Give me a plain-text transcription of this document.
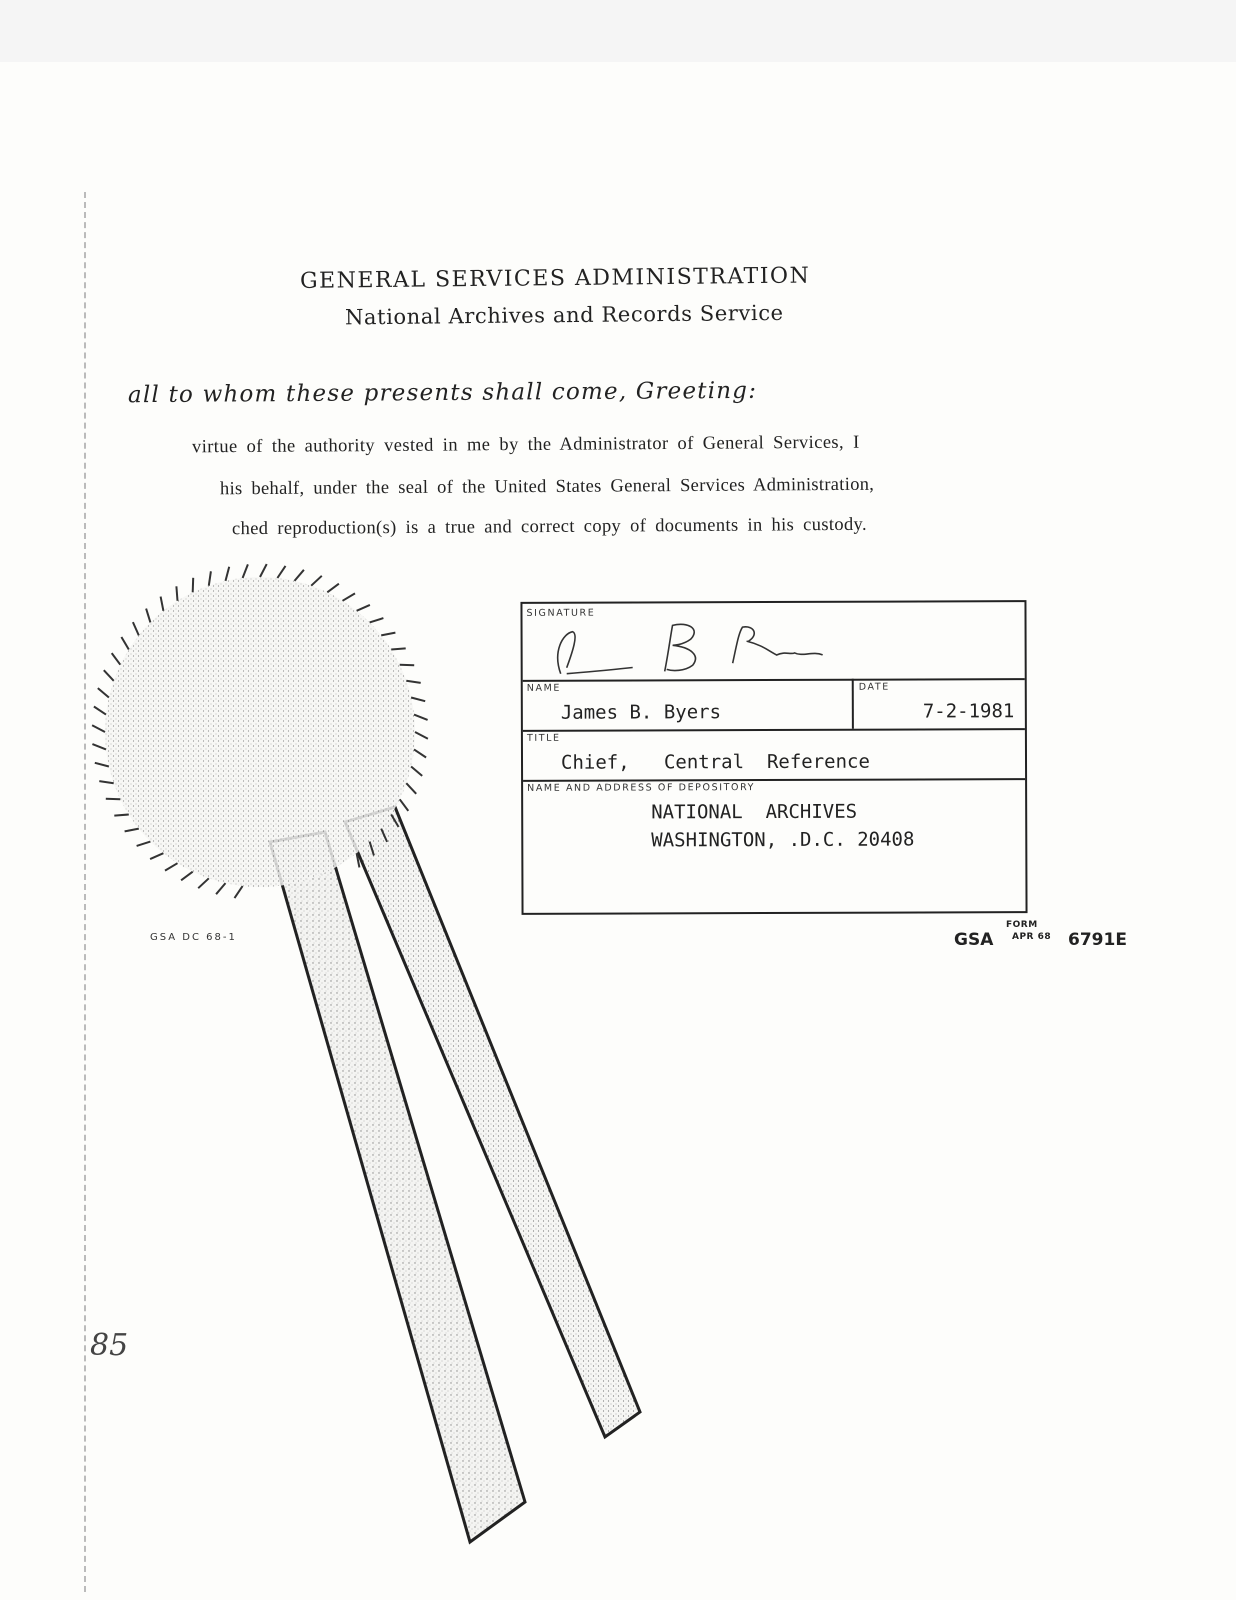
GENERAL SERVICES ADMINISTRATION
National Archives and Records Service
all to whom these presents shall come, Greeting:
virtue of the authority vested in me by the Administrator of General Services, I
his behalf, under the seal of the United States General Services Administration,
ched reproduction(s) is a true and correct copy of documents in his custody.
SIGNATURE
NAME
James B. Byers
DATE
7-2-1981
TITLE
Chief,   Central  Reference
NAME AND ADDRESS OF DEPOSITORY
NATIONAL  ARCHIVES
WASHINGTON, .D.C. 20408
GSA DC 68-1	GSA
FORM
APR 68 6791E
85
